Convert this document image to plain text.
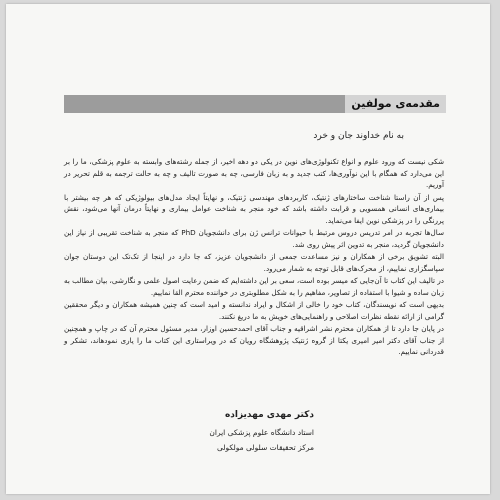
مقدمه‌ی مولفین
به نام خداوند جان و خرد

شکی نیست که ورود علوم و انواع تکنولوژی‌های نوین در یکی دو دهه اخیر، از جمله رشته‌های وابسته به علوم پزشکی، ما را بر این می‌دارد که همگام با این نوآوری‌ها، کتب جدید و به زبان فارسی، چه به صورت تالیف و چه به حالت ترجمه به قلم تحریر در آوریم.

پس از آن راستا شناخت ساختارهای ژنتیک، کاربردهای مهندسی ژنتیک، و نهایتاً ایجاد مدل‌های بیولوژیکی که هر چه بیشتر با بیماری‌های انسانی همسویی و قرابت داشته باشد که خود منجر به شناخت عوامل بیماری و نهایتاً درمان آنها می‌شود، نقش پررنگی را در پزشکی نوین ایفا می‌نماید.

سال‌ها تجربه در امر تدریس دروس مرتبط با حیوانات ترانس ژن برای دانشجویان PhD که منجر به شناخت تقریبی از نیاز این دانشجویان گردید، منجر به تدوین اثر پیش روی شد.

البته تشویق برخی از همکاران و نیز مساعدت جمعی از دانشجویان عزیز، که جا دارد در اینجا از تک‌تک این دوستان جوان سپاسگزاری نماییم، از محرک‌های قابل توجه به شمار می‌رود.

در تالیف این کتاب تا آن‌جایی که میسر بوده است، سعی بر این داشته‌ایم که ضمن رعایت اصول علمی و نگارشی، بیان مطالب به زبان ساده و شیوا با استفاده از تصاویر، مفاهیم را به شکل مطلوبتری در خواننده محترم القا نماییم.

بدیهی است که نویسندگان، کتاب خود را خالی از اشکال و ایراد ندانسته و امید است که چنین همیشه همکاران و دیگر محققین گرامی از ارائه نقطه نظرات اصلاحی و راهنمایی‌های خویش به ما دریغ نکنند.

در پایان جا دارد تا از همکاران محترم نشر اشراقیه و جناب آقای احمدحسین اوزار، مدیر مسئول محترم آن که در چاپ و همچنین از جناب آقای دکتر امیر امیری یکتا از گروه ژنتیک پژوهشگاه رویان که در ویراستاری این کتاب ما را یاری نمودهاند، تشکر و قدردانی نماییم.

دکتر مهدی مهدیزاده
استاد دانشگاه علوم پزشکی ایران
مرکز تحقیقات سلولی مولکولی
